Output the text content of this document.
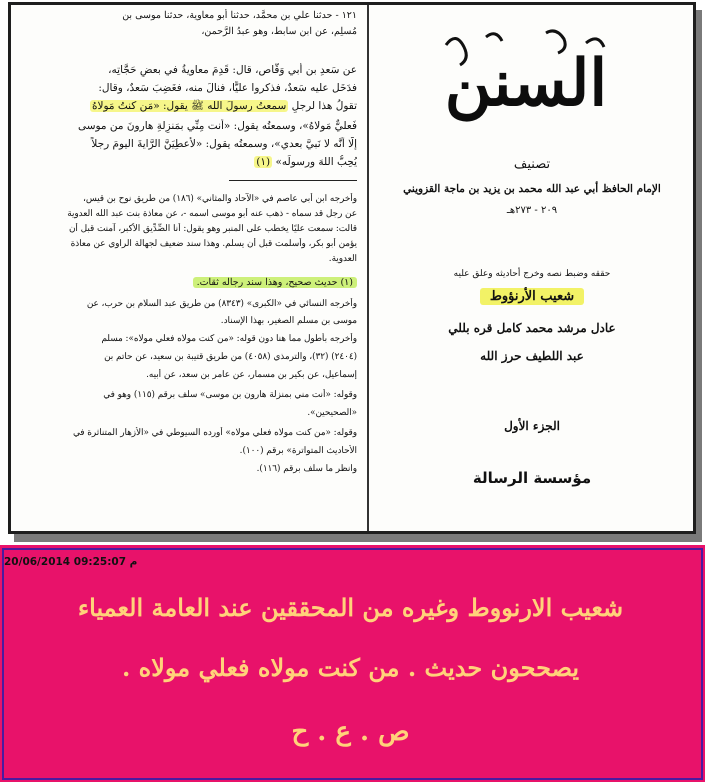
١٢١ - حدثنا علي بن محمَّد، حدثنا أبو معاوية، حدثنا موسى بن
مُسلِم، عن ابن سابط، وهو عبدُ الرَّحمن،
عن سَعدِ بن أبي وَقَّاص، قال: قَدِمَ معاويةُ في بعضِ حَجَّاتِه،
فدَخَل عليه سَعدٌ، فذكروا عليًّا، فنالَ منه، فغَضِبَ سَعدٌ، وقال:
تقولُ هذا لرجلٍ سمعتُ رسولَ الله ﷺ يقول: «مَن كنتُ مَولاهُ
فَعليٌّ مَولاهُ»، وسمعتُه يقول: «أنت مِنِّي بمَنزِلةِ هارونَ من موسى
إلَّا أنَّه لا نَبيَّ بعدي»، وسمعتُه يقول: «لأُعطِيَنَّ الرَّايةَ اليومَ رجلاً
يُحِبُّ اللهَ ورسولَه» (١)
وأخرجه ابن أبي عاصم في «الآحاد والمثاني» (١٨٦) من طريق نوح بن قيس،
عن رجل قد سماه - ذهب عنه أبو موسى اسمه -، عن معاذة بنت عبد الله العدوية
قالت: سمعت عليًا يخطب على المنبر وهو يقول: أنا الصِّدِّيق الأكبر، آمنت قبل أن
يؤمن أبو بكر، وأسلمت قبل أن يسلم. وهذا سند ضعيف لجهالة الراوي عن معاذة
العدوية.
(١) حديث صحيح، وهذا سند رجاله ثقات.
وأخرجه النسائي في «الكبرى» (٨٣٤٣) من طريق عبد السلام بن حرب، عن
موسى بن مسلم الصغير، بهذا الإسناد.
وأخرجه بأطول مما هنا دون قوله: «من كنت مولاه فعلي مولاه»: مسلم
(٢٤٠٤) (٣٢)، والترمذي (٤٠٥٨) من طريق قتيبة بن سعيد، عن حاتم بن
إسماعيل، عن بكير بن مسمار، عن عامر بن سعد، عن أبيه.
وقوله: «أنت مني بمنزلة هارون بن موسى» سلف برقم (١١٥) وهو في
«الصحيحين».
وقوله: «من كنت مولاه فعلي مولاه» أورده السيوطي في «الأزهار المتناثرة في
الأحاديث المتواترة» برقم (١٠٠).
وانظر ما سلف برقم (١١٦).
السنن
تصنيف
الإمام الحافظ أبي عبد الله محمد بن يزيد بن ماجة القزويني
٢٠٩ - ٢٧٣هـ
حققه وضبط نصه وخرج أحاديثه وعلق عليه
شعيب الأرنؤوط
عادل مرشد محمد كامل قره بللي
عبد اللطيف حرز الله
الجزء الأول
مؤسسة الرسالة
شعيب الارنووط وغيره من المحققين عند العامة العمياء
يصححون حديث . من كنت مولاه فعلي مولاه .
ص . ع . ح
20/06/2014 09:25:07 م
